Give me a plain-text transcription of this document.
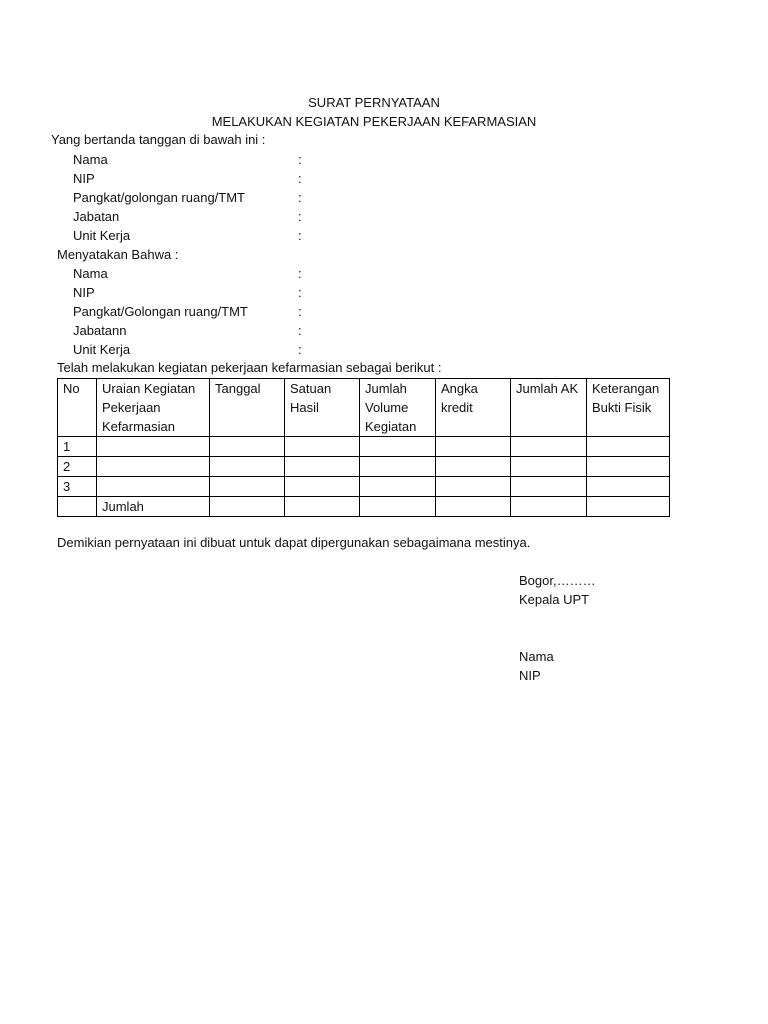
SURAT PERNYATAAN
MELAKUKAN KEGIATAN PEKERJAAN KEFARMASIAN
Yang bertanda tanggan di bawah ini :
Nama	:
NIP	:
Pangkat/golongan ruang/TMT	:
Jabatan	:
Unit Kerja	:
Menyatakan Bahwa :
Nama	:
NIP	:
Pangkat/Golongan ruang/TMT	:
Jabatann	:
Unit Kerja	:
Telah melakukan kegiatan pekerjaan kefarmasian sebagai berikut :
No	Uraian Kegiatan Pekerjaan Kefarmasian	Tanggal	Satuan Hasil	Jumlah Volume Kegiatan	Angka kredit	Jumlah AK	Keterangan Bukti Fisik
1							
2							
3							
	Jumlah						
Demikian pernyataan ini dibuat untuk dapat dipergunakan sebagaimana mestinya.
Bogor,………
Kepala UPT
Nama
NIP
